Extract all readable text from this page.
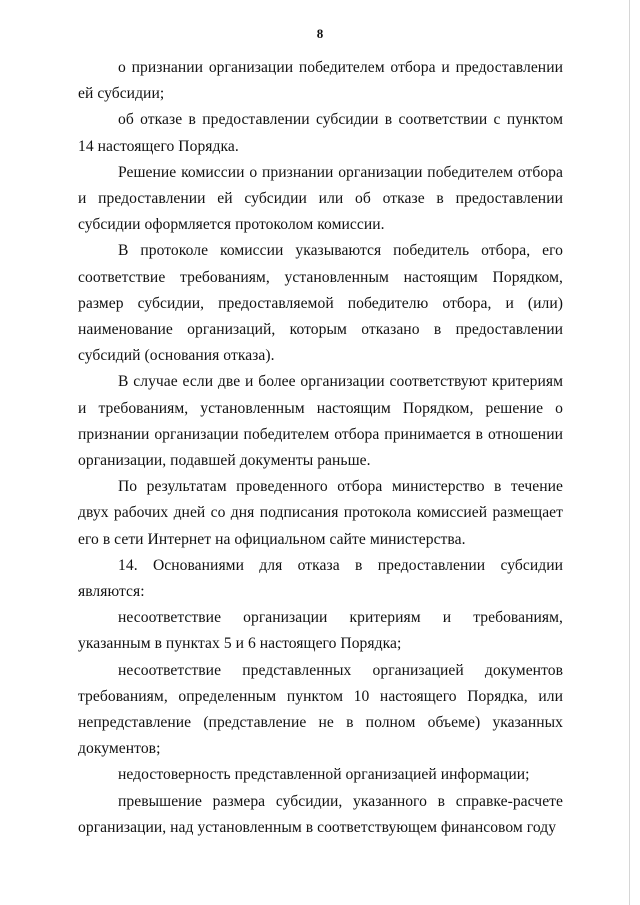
8

о признании организации победителем отбора и предоставлении ей субсидии;

об отказе в предоставлении субсидии в соответствии с пунктом 14 настоящего Порядка.

Решение комиссии о признании организации победителем отбора и предоставлении ей субсидии или об отказе в предоставлении субсидии оформляется протоколом комиссии.

В протоколе комиссии указываются победитель отбора, его соответствие требованиям, установленным настоящим Порядком, размер субсидии, предоставляемой победителю отбора, и (или) наименование организаций, которым отказано в предоставлении субсидий (основания отказа).

В случае если две и более организации соответствуют критериям и требованиям, установленным настоящим Порядком, решение о признании организации победителем отбора принимается в отношении организации, подавшей документы раньше.

По результатам проведенного отбора министерство в течение двух рабочих дней со дня подписания протокола комиссией размещает его в сети Интернет на официальном сайте министерства.

14. Основаниями для отказа в предоставлении субсидии являются:

несоответствие организации критериям и требованиям, указанным в пунктах 5 и 6 настоящего Порядка;

несоответствие представленных организацией документов требованиям, определенным пунктом 10 настоящего Порядка, или непредставление (представление не в полном объеме) указанных документов;

недостоверность представленной организацией информации;

превышение размера субсидии, указанного в справке-расчете организации, над установленным в соответствующем финансовом году
